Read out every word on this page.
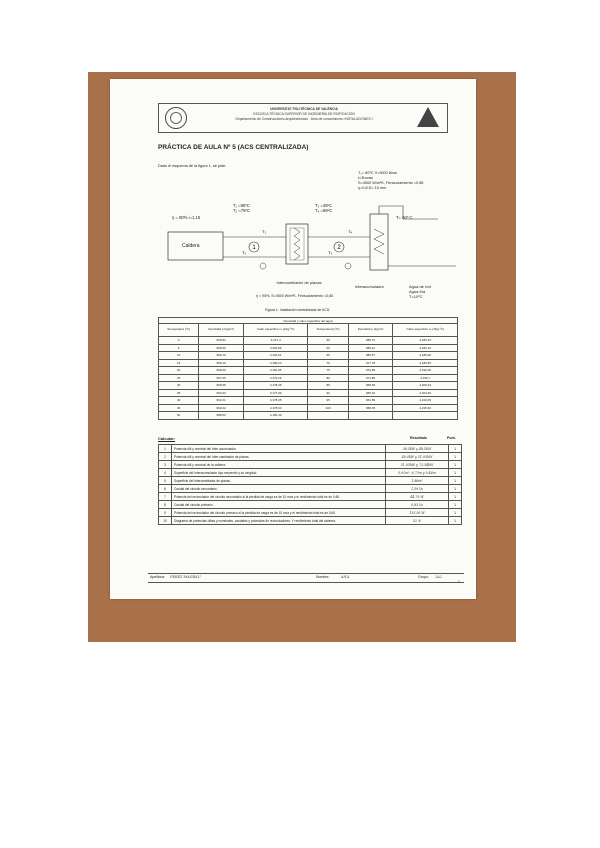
UNIVERSITAT POLITÈCNICA DE VALÈNCIA
ESCUELA TÉCNICA SUPERIOR DE INGENIERÍA DE EDIFICACIÓN
Departamento de Construcciones Arquitectónicas · Área de conocimiento: INSTALACIONES I
PRÁCTICA DE AULA Nº 5 (ACS CENTRALIZADA)
Dado el esquema de la figura 1, se pide:
T₀= 60ºC V=3000 litros
t=3horas
S=4500 W/m²K, Fensuciamiento =0,85
η=0,8 D= 15 mm
T₁ =90ºC
T₂ =75ºC
T₃ =45ºC
T₄ =65ºC
η = 80% i=1,15	T= 60º C
Caldera
Intercambiador de placas
Interacumulador
η = 95%, S=4500 W/m²K, Fensuciamiento =0,85
Agua de red
Agua fría
T=10ºC
1
T₁
T₂
2
T₄
T₃
Figura 1. Instalación centralizada de ACS.
Densidad y calor específico del agua					
Temperatura (ºC)	Densidad ρ (kg/m³)	Calor específico cₑ (J/kg ºC)	Temperatura (ºC)	Densidad ρ (kg/m³)	Calor específico cₑ (J/kg ºC)
0	999,84	4.217,4	55	985,70	4.183,33
5	999,96	4.203,85	60	983,21	4.184,16
10	999,70	4.191,61	65	980,57	4.185,00
15	999,10	4.186,24	70	977,78	4.186,55
20	998,20	4.181,95	75	974,89	4.192,00
25	997,05	4.179,26	80	971,80	4.196,7
30	995,65	4.178,35	85	968,65	4.200,23
35	994,03	4.177,90	90	965,32	4.204,60
40	992,21	4.178,35	95	961,89	4.210,05
45	990,22	4.178,93	100	958,35	4.215,60
50	988,03	4.180,40			
Calcular:	Resultado	Punt.
1	Potencia útil y nominal del Inter acumulador.	38,5kW y 48,5kW	1
2	Potencia útil y nominal del Inter cambiador de placas.	46,0kW y 51,05kW	1
3	Potencia útil y nominal de la caldera.	51,05kW y 73,34kW	1
4	Superficie del Interacumulador tipo serpentín y su longitud.	0,92m², 6,73m y 0,46m	1
5	Superficie del Intercambiador de placas.	1,86m²	1
6	Caudal del circuito secundario.	1,59 l/s	1
7	Potencia del recirculador del circuito secundario si la pérdida de carga es de 10 mca y el rendimiento total es de 0,60.	44,79 W	1
8	Caudal del circuito primario.	0,83 l/s	1
9	Potencia del recirculador del circuito primario si la pérdida de carga es de 10 mca y el rendimiento total es de 0,60.	135,56 W	1
10	Diagrama de potencias útiles y nominales, caudales y potencias de recirculadores. Y rendimiento total del sistema.	52 %	1
Apellidos: PEREZ MAGRAU	Nombre:	ANA	Grupo: 2A2
1
